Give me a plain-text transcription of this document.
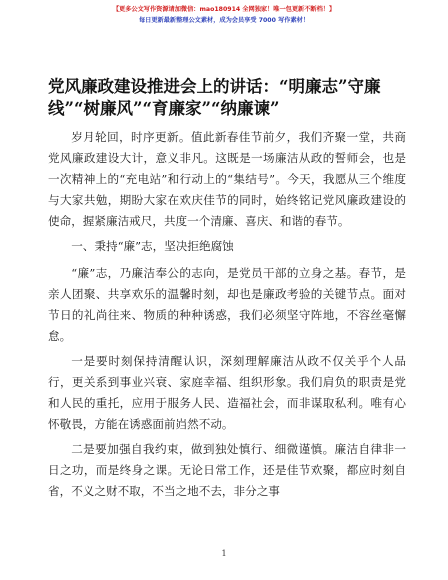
【更多公文写作资源请加微信：mao180914 全网独家！唯一包更新不断档！】
每日更新最新整理公文素材，成为会员享受 7000 写作素材！
党风廉政建设推进会上的讲话：“明廉志”守廉线”“树廉风”“育廉家”“纳廉谏”

岁月轮回，时序更新。值此新春佳节前夕，我们齐聚一堂，共商党风廉政建设大计，意义非凡。这既是一场廉洁从政的誓师会，也是一次精神上的“充电站”和行动上的“集结号”。今天，我愿从三个维度与大家共勉，期盼大家在欢庆佳节的同时，始终铭记党风廉政建设的使命，握紧廉洁戒尺，共度一个清廉、喜庆、和谐的春节。

一、秉持“廉”志，坚决拒绝腐蚀

“廉”志，乃廉洁奉公的志向，是党员干部的立身之基。春节，是亲人团聚、共享欢乐的温馨时刻，却也是廉政考验的关键节点。面对节日的礼尚往来、物质的种种诱惑，我们必须坚守阵地，不容丝毫懈怠。

一是要时刻保持清醒认识，深刻理解廉洁从政不仅关乎个人品行，更关系到事业兴衰、家庭幸福、组织形象。我们肩负的职责是党和人民的重托，应用于服务人民、造福社会，而非谋取私利。唯有心怀敬畏，方能在诱惑面前岿然不动。

二是要加强自我约束，做到独处慎行、细微谨慎。廉洁自律非一日之功，而是终身之课。无论日常工作，还是佳节欢聚，都应时刻自省，不义之财不取，不当之地不去，非分之事

1
